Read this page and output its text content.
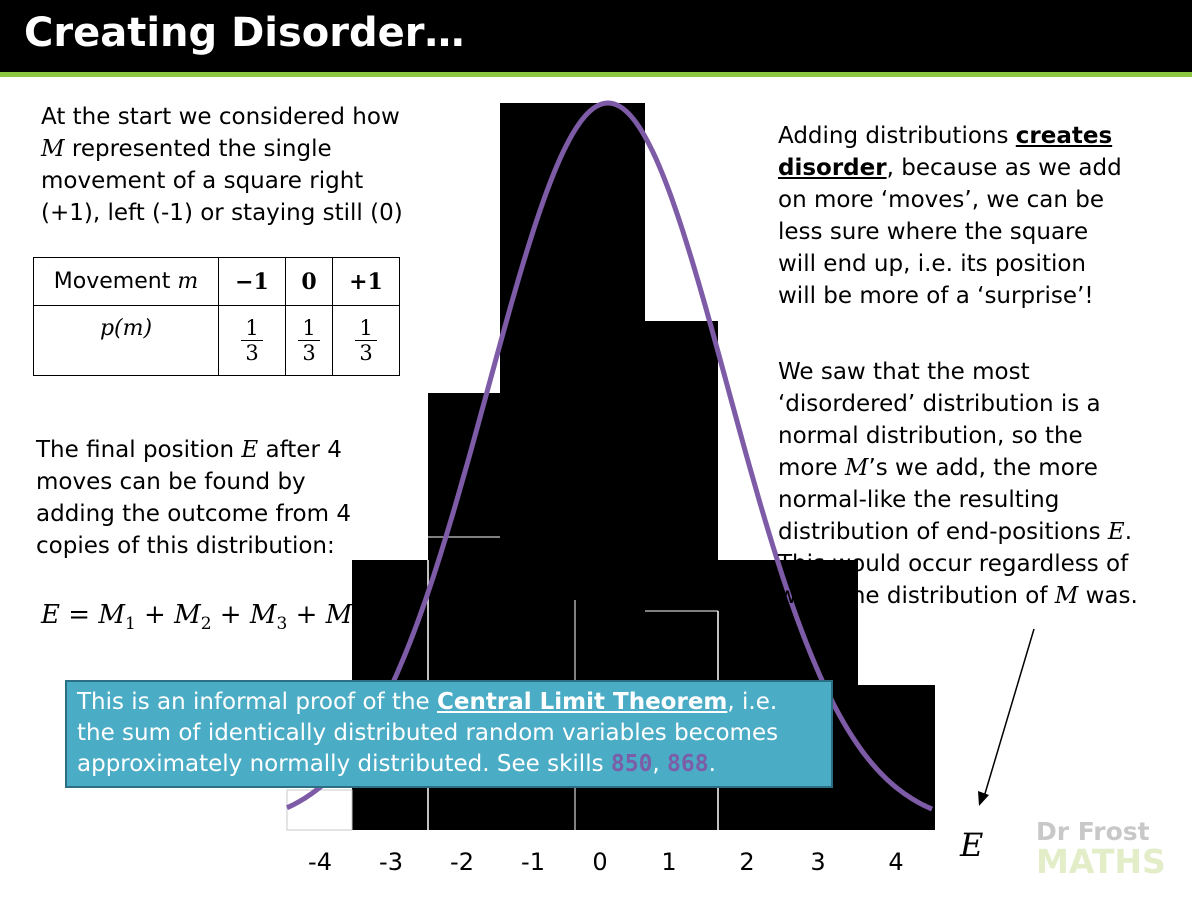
Creating Disorder…
At the start we considered how
M represented the single
movement of a square right
(+1), left (-1) or staying still (0)
Movement m	−1	0	+1
p(m)	$\frac{1}{3}$	$\frac{1}{3}$	$\frac{1}{3}$
The final position E after 4
moves can be found by
adding the outcome from 4
copies of this distribution:
$E = M_1 + M_2 + M_3 + M_4$
Adding distributions creates
disorder, because as we add
on more ‘moves’, we can be
less sure where the square
will end up, i.e. its position
will be more of a ‘surprise’!
We saw that the most
‘disordered’ distribution is a
normal distribution, so the
more M’s we add, the more
normal-like the resulting
distribution of end-positions E.
This would occur regardless of
what the distribution of M was.
This is an informal proof of the Central Limit Theorem, i.e.
the sum of identically distributed random variables becomes
approximately normally distributed. See skills 850, 868.
-4 -3 -2 -1 0 1	2 3	4 E Dr Frost
MATHS
